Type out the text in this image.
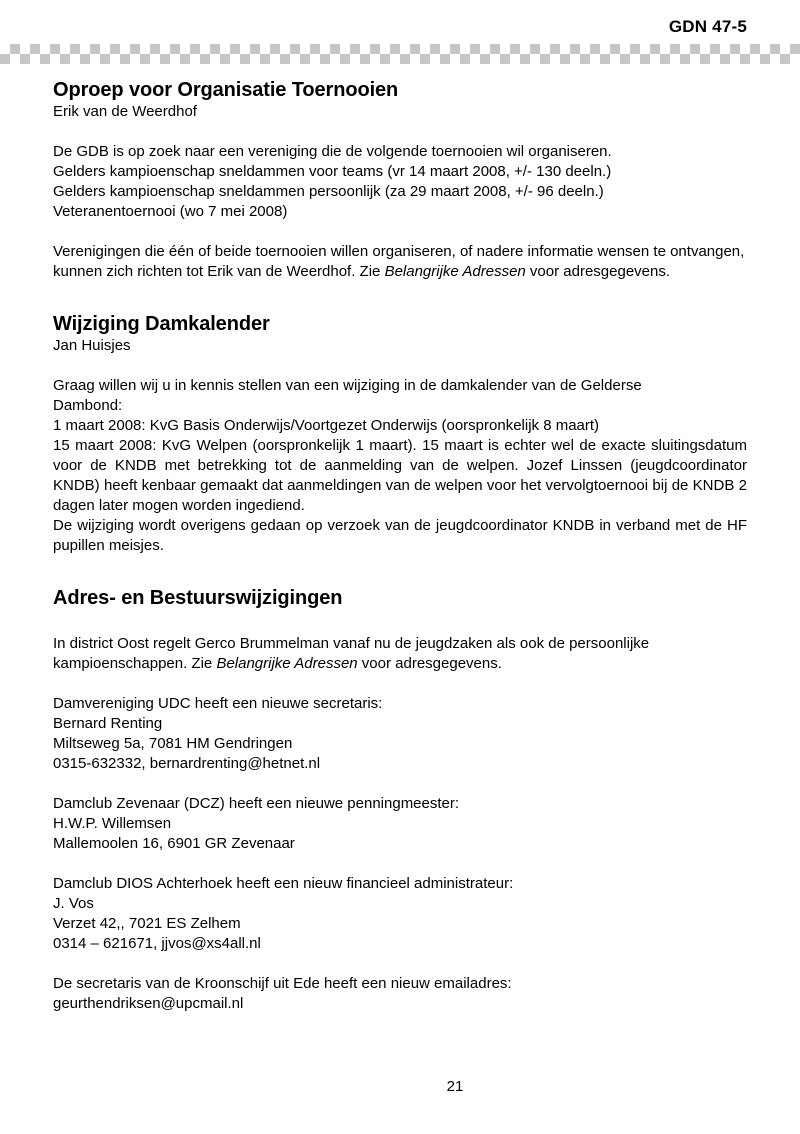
GDN 47-5
Oproep voor Organisatie Toernooien
Erik van de Weerdhof

De GDB is op zoek naar een vereniging die de volgende toernooien wil organiseren.

Gelders kampioenschap sneldammen voor teams (vr 14 maart 2008, +/- 130 deeln.)

Gelders kampioenschap sneldammen persoonlijk (za 29 maart 2008, +/- 96 deeln.)

Veteranentoernooi (wo 7 mei 2008)

Verenigingen die één of beide toernooien willen organiseren, of nadere informatie wensen te ontvangen, kunnen zich richten tot Erik van de Weerdhof. Zie Belangrijke Adressen voor adresgegevens.

Wijziging Damkalender
Jan Huisjes

Graag willen wij u in kennis stellen van een wijziging in de damkalender van de Gelderse

Dambond:

1 maart 2008: KvG Basis Onderwijs/Voortgezet Onderwijs (oorspronkelijk 8 maart)

15 maart 2008: KvG Welpen (oorspronkelijk 1 maart). 15 maart is echter wel de exacte sluitingsdatum voor de KNDB met betrekking tot de aanmelding van de welpen. Jozef Linssen (jeugdcoordinator KNDB) heeft kenbaar gemaakt dat aanmeldingen van de welpen voor het vervolgtoernooi bij de KNDB 2 dagen later mogen worden ingediend.

De wijziging wordt overigens gedaan op verzoek van de jeugdcoordinator KNDB in verband met de HF pupillen meisjes.

Adres- en Bestuurswijzigingen

In district Oost regelt Gerco Brummelman vanaf nu de jeugdzaken als ook de persoonlijke kampioenschappen. Zie Belangrijke Adressen voor adresgegevens.

Damvereniging UDC heeft een nieuwe secretaris:

Bernard Renting

Miltseweg 5a, 7081 HM Gendringen

0315-632332, bernardrenting@hetnet.nl

Damclub Zevenaar (DCZ) heeft een nieuwe penningmeester:

H.W.P. Willemsen

Mallemoolen 16, 6901 GR Zevenaar

Damclub DIOS Achterhoek heeft een nieuw financieel administrateur:

J. Vos

Verzet 42,, 7021 ES Zelhem

0314 – 621671, jjvos@xs4all.nl

De secretaris van de Kroonschijf uit Ede heeft een nieuw emailadres:

geurthendriksen@upcmail.nl

21
